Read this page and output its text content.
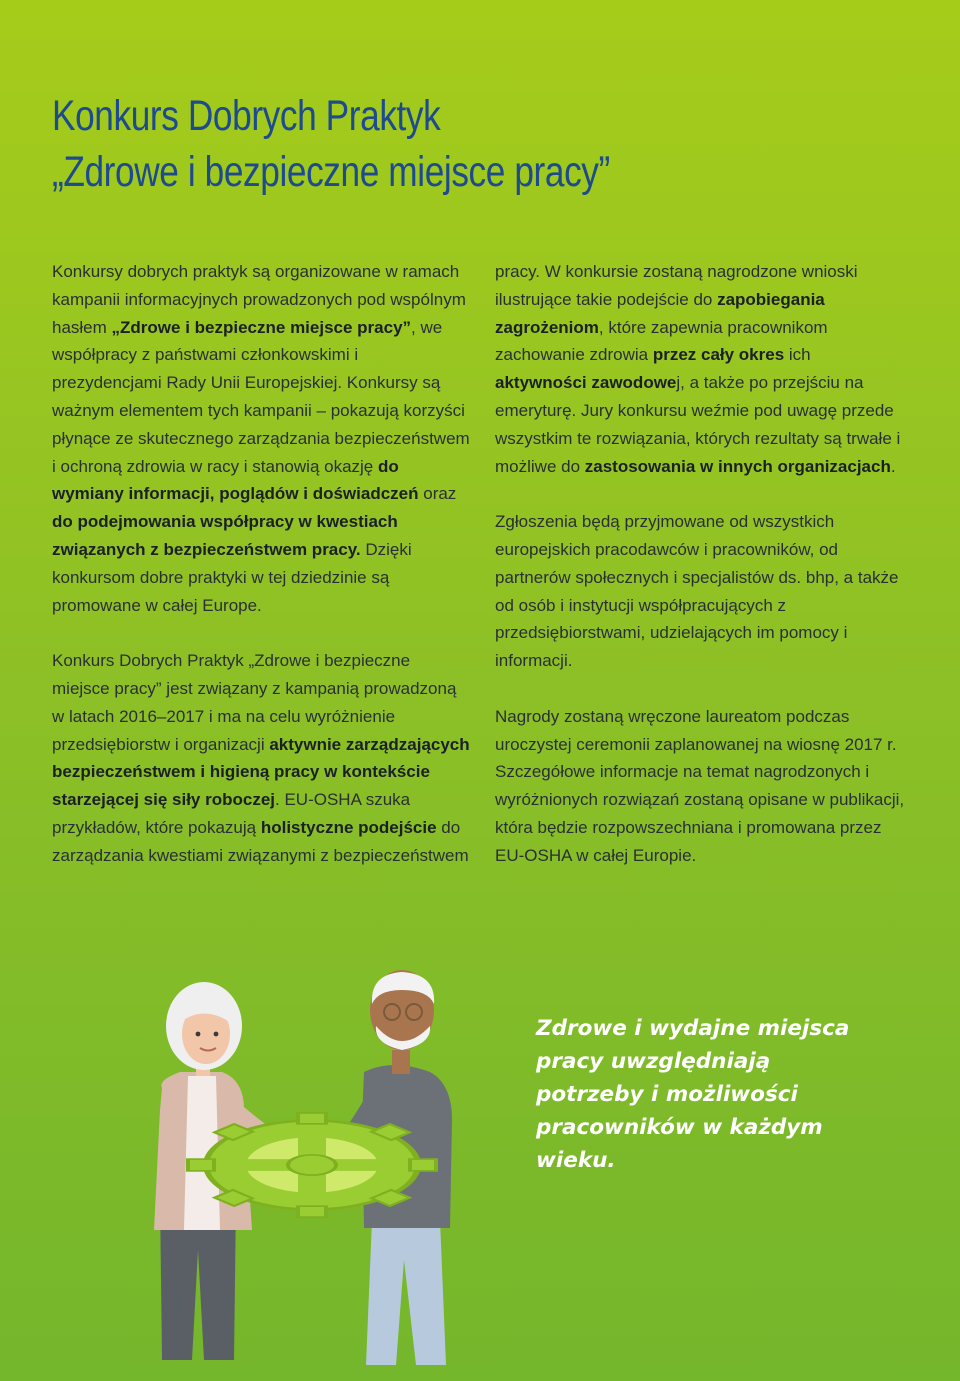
Konkurs Dobrych Praktyk
„Zdrowe i bezpieczne miejsce pracy”

Konkursy dobrych praktyk są organizowane w ramach kampanii informacyjnych prowadzonych pod wspólnym hasłem „Zdrowe i bezpieczne miejsce pracy”, we współpracy z państwami członkowskimi i prezydencjami Rady Unii Europejskiej. Konkursy są ważnym elementem tych kampanii – pokazują korzyści płynące ze skutecznego zarządzania bezpieczeństwem i ochroną zdrowia w racy i stanowią okazję do wymiany informacji, poglądów i doświadczeń oraz do podejmowania współpracy w kwestiach związanych z bezpieczeństwem pracy. Dzięki konkursom dobre praktyki w tej dziedzinie są promowane w całej Europe.

Konkurs Dobrych Praktyk „Zdrowe i bezpieczne miejsce pracy” jest związany z kampanią prowadzoną w latach 2016–2017 i ma na celu wyróżnienie przedsiębiorstw i organizacji aktywnie zarządzających bezpieczeństwem i higieną pracy w kontekście starzejącej się siły roboczej. EU-OSHA szuka przykładów, które pokazują holistyczne podejście do zarządzania kwestiami związanymi z bezpieczeństwem

pracy. W konkursie zostaną nagrodzone wnioski ilustrujące takie podejście do zapobiegania zagrożeniom, które zapewnia pracownikom zachowanie zdrowia przez cały okres ich aktywności zawodowej, a także po przejściu na emeryturę. Jury konkursu weźmie pod uwagę przede wszystkim te rozwiązania, których rezultaty są trwałe i możliwe do zastosowania w innych organizacjach.

Zgłoszenia będą przyjmowane od wszystkich europejskich pracodawców i pracowników, od partnerów społecznych i specjalistów ds. bhp, a także od osób i instytucji współpracujących z przedsiębiorstwami, udzielających im pomocy i informacji.

Nagrody zostaną wręczone laureatom podczas uroczystej ceremonii zaplanowanej na wiosnę 2017 r. Szczegółowe informacje na temat nagrodzonych i wyróżnionych rozwiązań zostaną opisane w publikacji, która będzie rozpowszechniana i promowana przez EU-OSHA w całej Europie.

Zdrowe i wydajne miejsca pracy uwzględniają potrzeby i możliwości pracowników w każdym wieku.
